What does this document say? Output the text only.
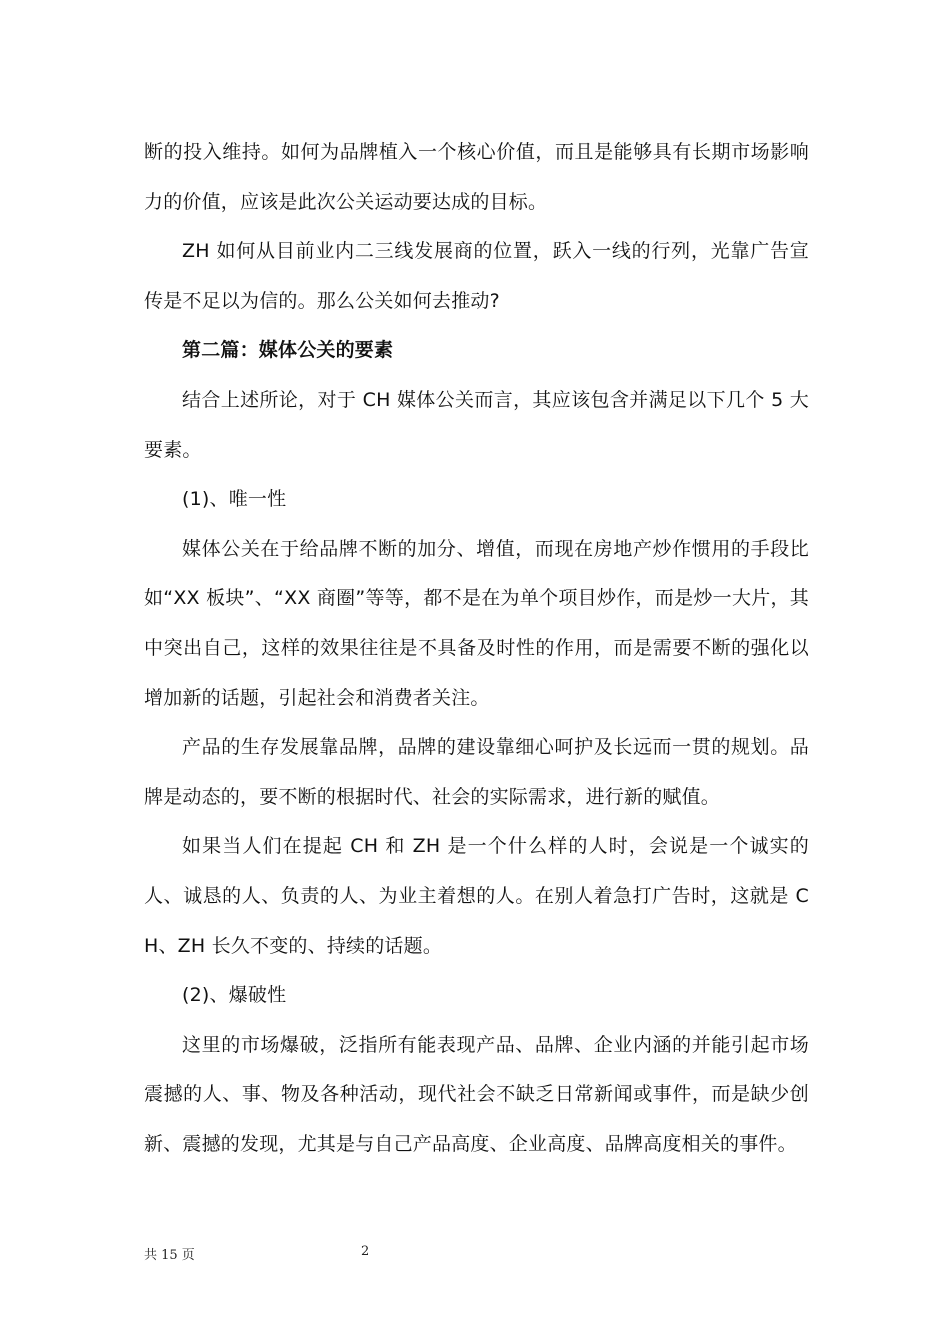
断的投入维持。如何为品牌植入一个核心价值，而且是能够具有长期市场影响力的价值，应该是此次公关运动要达成的目标。

ZH 如何从目前业内二三线发展商的位置，跃入一线的行列，光靠广告宣传是不足以为信的。那么公关如何去推动?

第二篇：媒体公关的要素

结合上述所论，对于 CH 媒体公关而言，其应该包含并满足以下几个 5 大要素。

(1)、唯一性

媒体公关在于给品牌不断的加分、增值，而现在房地产炒作惯用的手段比如“XX 板块”、“XX 商圈”等等，都不是在为单个项目炒作，而是炒一大片，其中突出自己，这样的效果往往是不具备及时性的作用，而是需要不断的强化以增加新的话题，引起社会和消费者关注。

产品的生存发展靠品牌，品牌的建设靠细心呵护及长远而一贯的规划。品牌是动态的，要不断的根据时代、社会的实际需求，进行新的赋值。

如果当人们在提起 CH 和 ZH 是一个什么样的人时，会说是一个诚实的人、诚恳的人、负责的人、为业主着想的人。在别人着急打广告时，这就是 CH、ZH 长久不变的、持续的话题。

(2)、爆破性

这里的市场爆破，泛指所有能表现产品、品牌、企业内涵的并能引起市场震撼的人、事、物及各种活动，现代社会不缺乏日常新闻或事件，而是缺少创新、震撼的发现，尤其是与自己产品高度、企业高度、品牌高度相关的事件。

共 15 页	2
